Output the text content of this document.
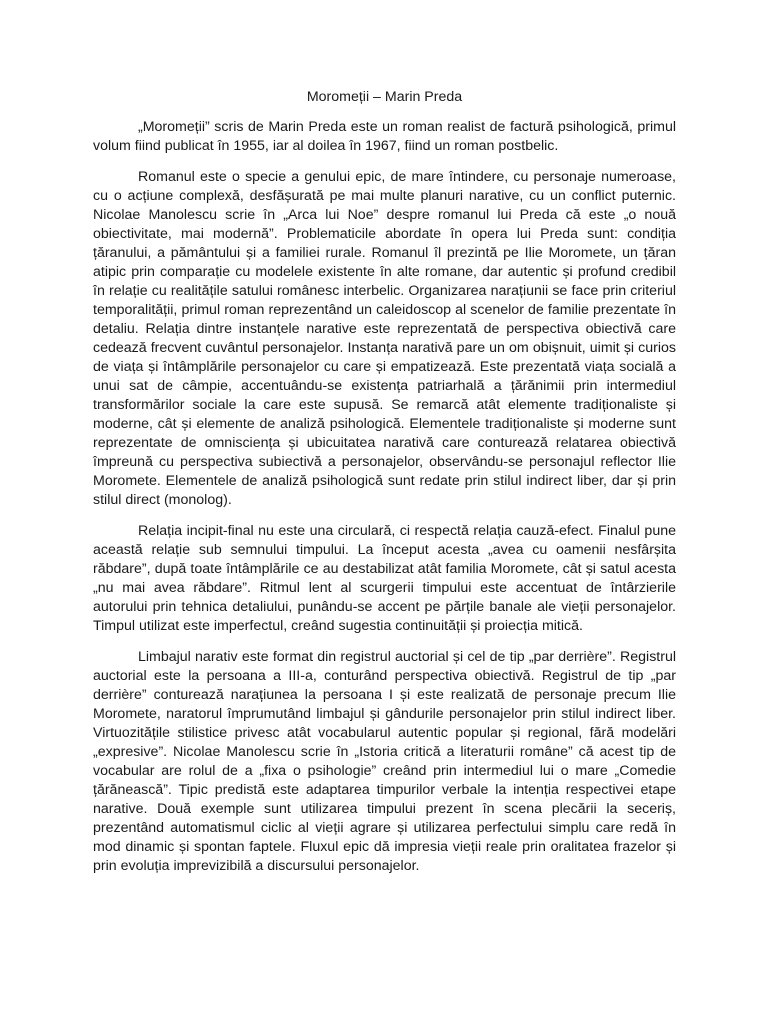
Moromeții – Marin Preda

„Moromeții” scris de Marin Preda este un roman realist de factură psihologică, primul volum fiind publicat în 1955, iar al doilea în 1967, fiind un roman postbelic.

Romanul este o specie a genului epic, de mare întindere, cu personaje numeroase, cu o acțiune complexă, desfășurată pe mai multe planuri narative, cu un conflict puternic. Nicolae Manolescu scrie în „Arca lui Noe” despre romanul lui Preda că este „o nouă obiectivitate, mai modernă”. Problematicile abordate în opera lui Preda sunt: condiția țăranului, a pământului și a familiei rurale. Romanul îl prezintă pe Ilie Moromete, un țăran atipic prin comparație cu modelele existente în alte romane, dar autentic și profund credibil în relație cu realitățile satului românesc interbelic. Organizarea narațiunii se face prin criteriul temporalității, primul roman reprezentând un caleidoscop al scenelor de familie prezentate în detaliu. Relația dintre instanțele narative este reprezentată de perspectiva obiectivă care cedează frecvent cuvântul personajelor. Instanța narativă pare un om obișnuit, uimit și curios de viața și întâmplările personajelor cu care și empatizează. Este prezentată viața socială a unui sat de câmpie, accentuându-se existența patriarhală a țărănimii prin intermediul transformărilor sociale la care este supusă. Se remarcă atât elemente tradiționaliste și moderne, cât și elemente de analiză psihologică. Elementele tradiționaliste și moderne sunt reprezentate de omnisciența și ubicuitatea narativă care conturează relatarea obiectivă împreună cu perspectiva subiectivă a personajelor, observându-se personajul reflector Ilie Moromete. Elementele de analiză psihologică sunt redate prin stilul indirect liber, dar și prin stilul direct (monolog).

Relația incipit-final nu este una circulară, ci respectă relația cauză-efect. Finalul pune această relație sub semnului timpului. La început acesta „avea cu oamenii nesfârșita răbdare”, după toate întâmplările ce au destabilizat atât familia Moromete, cât și satul acesta „nu mai avea răbdare”. Ritmul lent al scurgerii timpului este accentuat de întârzierile autorului prin tehnica detaliului, punându-se accent pe părțile banale ale vieții personajelor. Timpul utilizat este imperfectul, creând sugestia continuității și proiecția mitică.

Limbajul narativ este format din registrul auctorial și cel de tip „par derrière”. Registrul auctorial este la persoana a III-a, conturând perspectiva obiectivă. Registrul de tip „par derrière” conturează narațiunea la persoana I și este realizată de personaje precum Ilie Moromete, naratorul împrumutând limbajul și gândurile personajelor prin stilul indirect liber. Virtuozitățile stilistice privesc atât vocabularul autentic popular și regional, fără modelări „expresive”. Nicolae Manolescu scrie în „Istoria critică a literaturii române” că acest tip de vocabular are rolul de a „fixa o psihologie” creând prin intermediul lui o mare „Comedie țărănească”. Tipic predistă este adaptarea timpurilor verbale la intenția respectivei etape narative. Două exemple sunt utilizarea timpului prezent în scena plecării la seceriș, prezentând automatismul ciclic al vieții agrare și utilizarea perfectului simplu care redă în mod dinamic și spontan faptele. Fluxul epic dă impresia vieții reale prin oralitatea frazelor și prin evoluția imprevizibilă a discursului personajelor.
